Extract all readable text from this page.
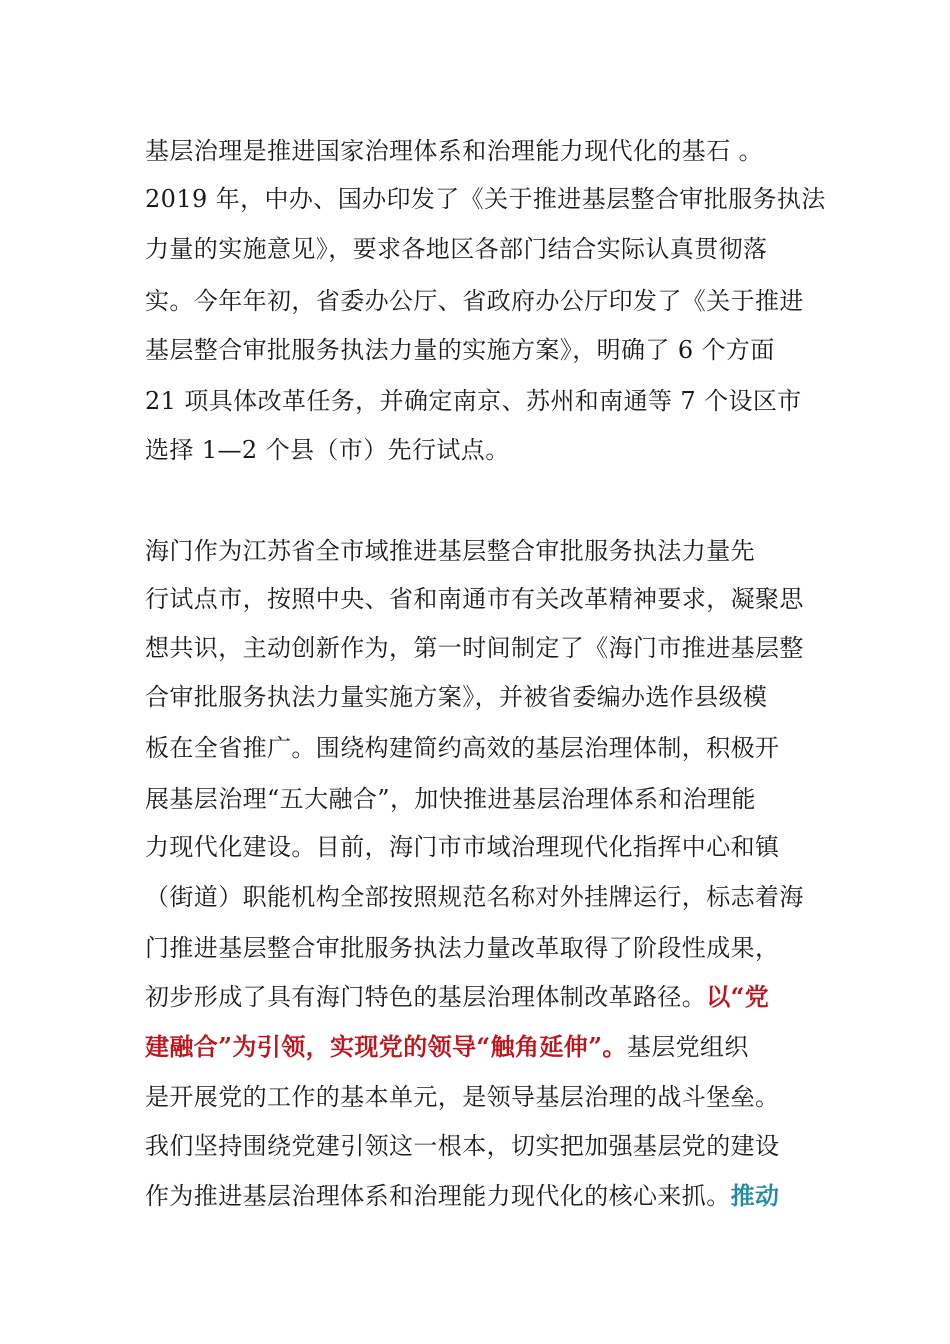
基层治理是推进国家治理体系和治理能力现代化的基石 。
2019 年，中办、国办印发了《关于推进基层整合审批服务执法
力量的实施意见》，要求各地区各部门结合实际认真贯彻落
实。今年年初，省委办公厅、省政府办公厅印发了《关于推进
基层整合审批服务执法力量的实施方案》，明确了 6 个方面
21 项具体改革任务，并确定南京、苏州和南通等 7 个设区市
选择 1—2 个县（市）先行试点。
海门作为江苏省全市域推进基层整合审批服务执法力量先
行试点市，按照中央、省和南通市有关改革精神要求，凝聚思
想共识，主动创新作为，第一时间制定了《海门市推进基层整
合审批服务执法力量实施方案》，并被省委编办选作县级模
板在全省推广。围绕构建简约高效的基层治理体制，积极开
展基层治理“五大融合”，加快推进基层治理体系和治理能
力现代化建设。目前，海门市市域治理现代化指挥中心和镇
（街道）职能机构全部按照规范名称对外挂牌运行，标志着海
门推进基层整合审批服务执法力量改革取得了阶段性成果，
初步形成了具有海门特色的基层治理体制改革路径。以“党
建融合”为引领，实现党的领导“触角延伸”。基层党组织
是开展党的工作的基本单元，是领导基层治理的战斗堡垒。
我们坚持围绕党建引领这一根本，切实把加强基层党的建设
作为推进基层治理体系和治理能力现代化的核心来抓。推动
